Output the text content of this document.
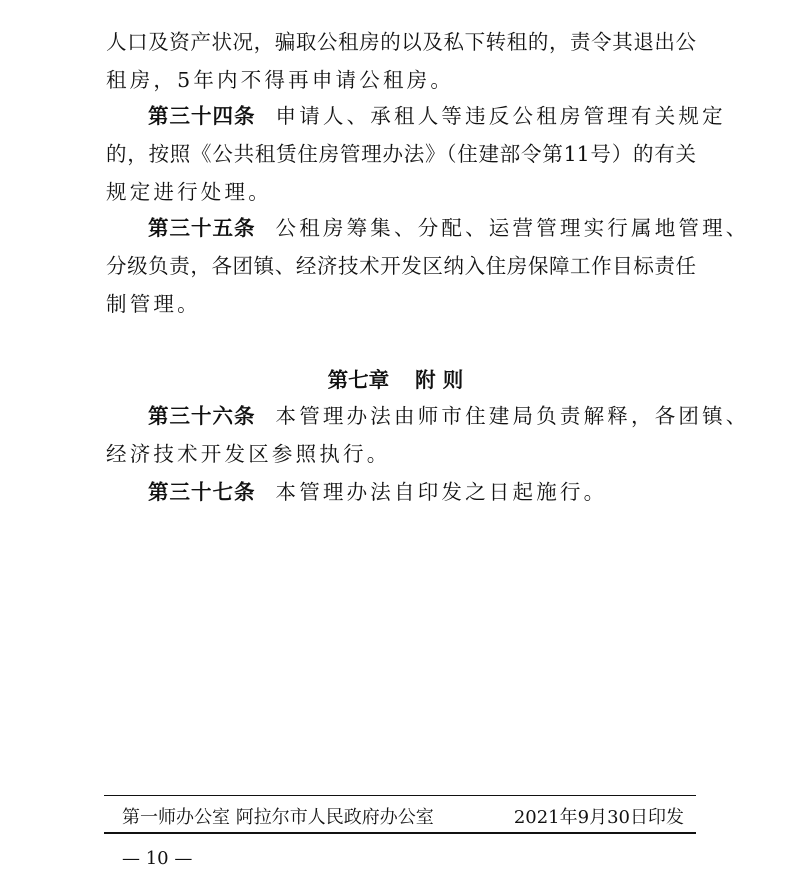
人口及资产状况，骗取公租房的以及私下转租的，责令其退出公
租房，5年内不得再申请公租房。
第三十四条 申请人、承租人等违反公租房管理有关规定
的，按照《公共租赁住房管理办法》（住建部令第11号）的有关
规定进行处理。
第三十五条 公租房筹集、分配、运营管理实行属地管理、
分级负责，各团镇、经济技术开发区纳入住房保障工作目标责任
制管理。
第七章 附 则
第三十六条 本管理办法由师市住建局负责解释，各团镇、
经济技术开发区参照执行。
第三十七条 本管理办法自印发之日起施行。
第一师办公室 阿拉尔市人民政府办公室	2021年9月30日印发
— 10 —
